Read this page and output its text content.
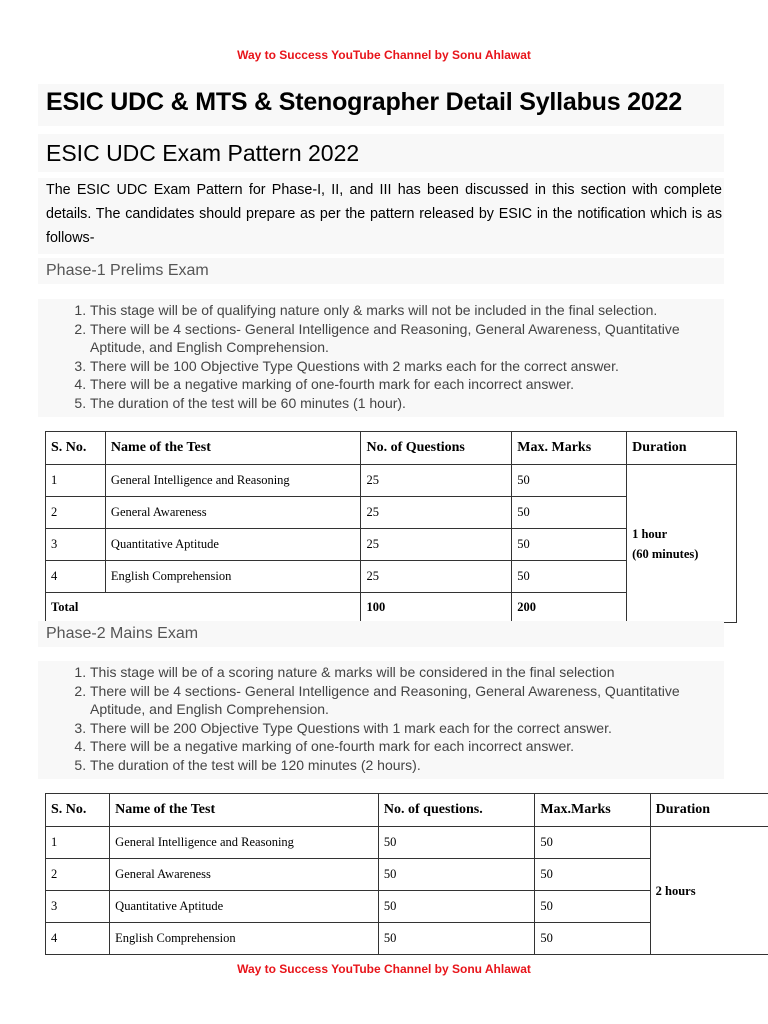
Way to Success YouTube Channel by Sonu Ahlawat
ESIC UDC & MTS & Stenographer Detail Syllabus 2022
ESIC UDC Exam Pattern 2022
The ESIC UDC Exam Pattern for Phase-I, II, and III has been discussed in this section with complete details. The candidates should prepare as per the pattern released by ESIC in the notification which is as follows-
Phase-1 Prelims Exam
1. This stage will be of qualifying nature only & marks will not be included in the final selection.
2. There will be 4 sections- General Intelligence and Reasoning, General Awareness, Quantitative Aptitude, and English Comprehension.
3. There will be 100 Objective Type Questions with 2 marks each for the correct answer.
4. There will be a negative marking of one-fourth mark for each incorrect answer.
5. The duration of the test will be 60 minutes (1 hour).
S. No.	Name of the Test	No. of Questions	Max. Marks	Duration
1	General Intelligence and Reasoning	25	50	1 hour
(60 minutes)

2	General Awareness	25	50	
3	Quantitative Aptitude	25	50	
4	English Comprehension	25	50	
Total		100	200	
Phase-2 Mains Exam
1. This stage will be of a scoring nature & marks will be considered in the final selection
2. There will be 4 sections- General Intelligence and Reasoning, General Awareness, Quantitative Aptitude, and English Comprehension.
3. There will be 200 Objective Type Questions with 1 mark each for the correct answer.
4. There will be a negative marking of one-fourth mark for each incorrect answer.
5. The duration of the test will be 120 minutes (2 hours).
S. No.	Name of the Test	No. of questions.	Max.Marks	Duration
1	General Intelligence and Reasoning	50	50	2 hours

2	General Awareness	50	50	
3	Quantitative Aptitude	50	50	
4	English Comprehension	50	50	
Way to Success YouTube Channel by Sonu Ahlawat
